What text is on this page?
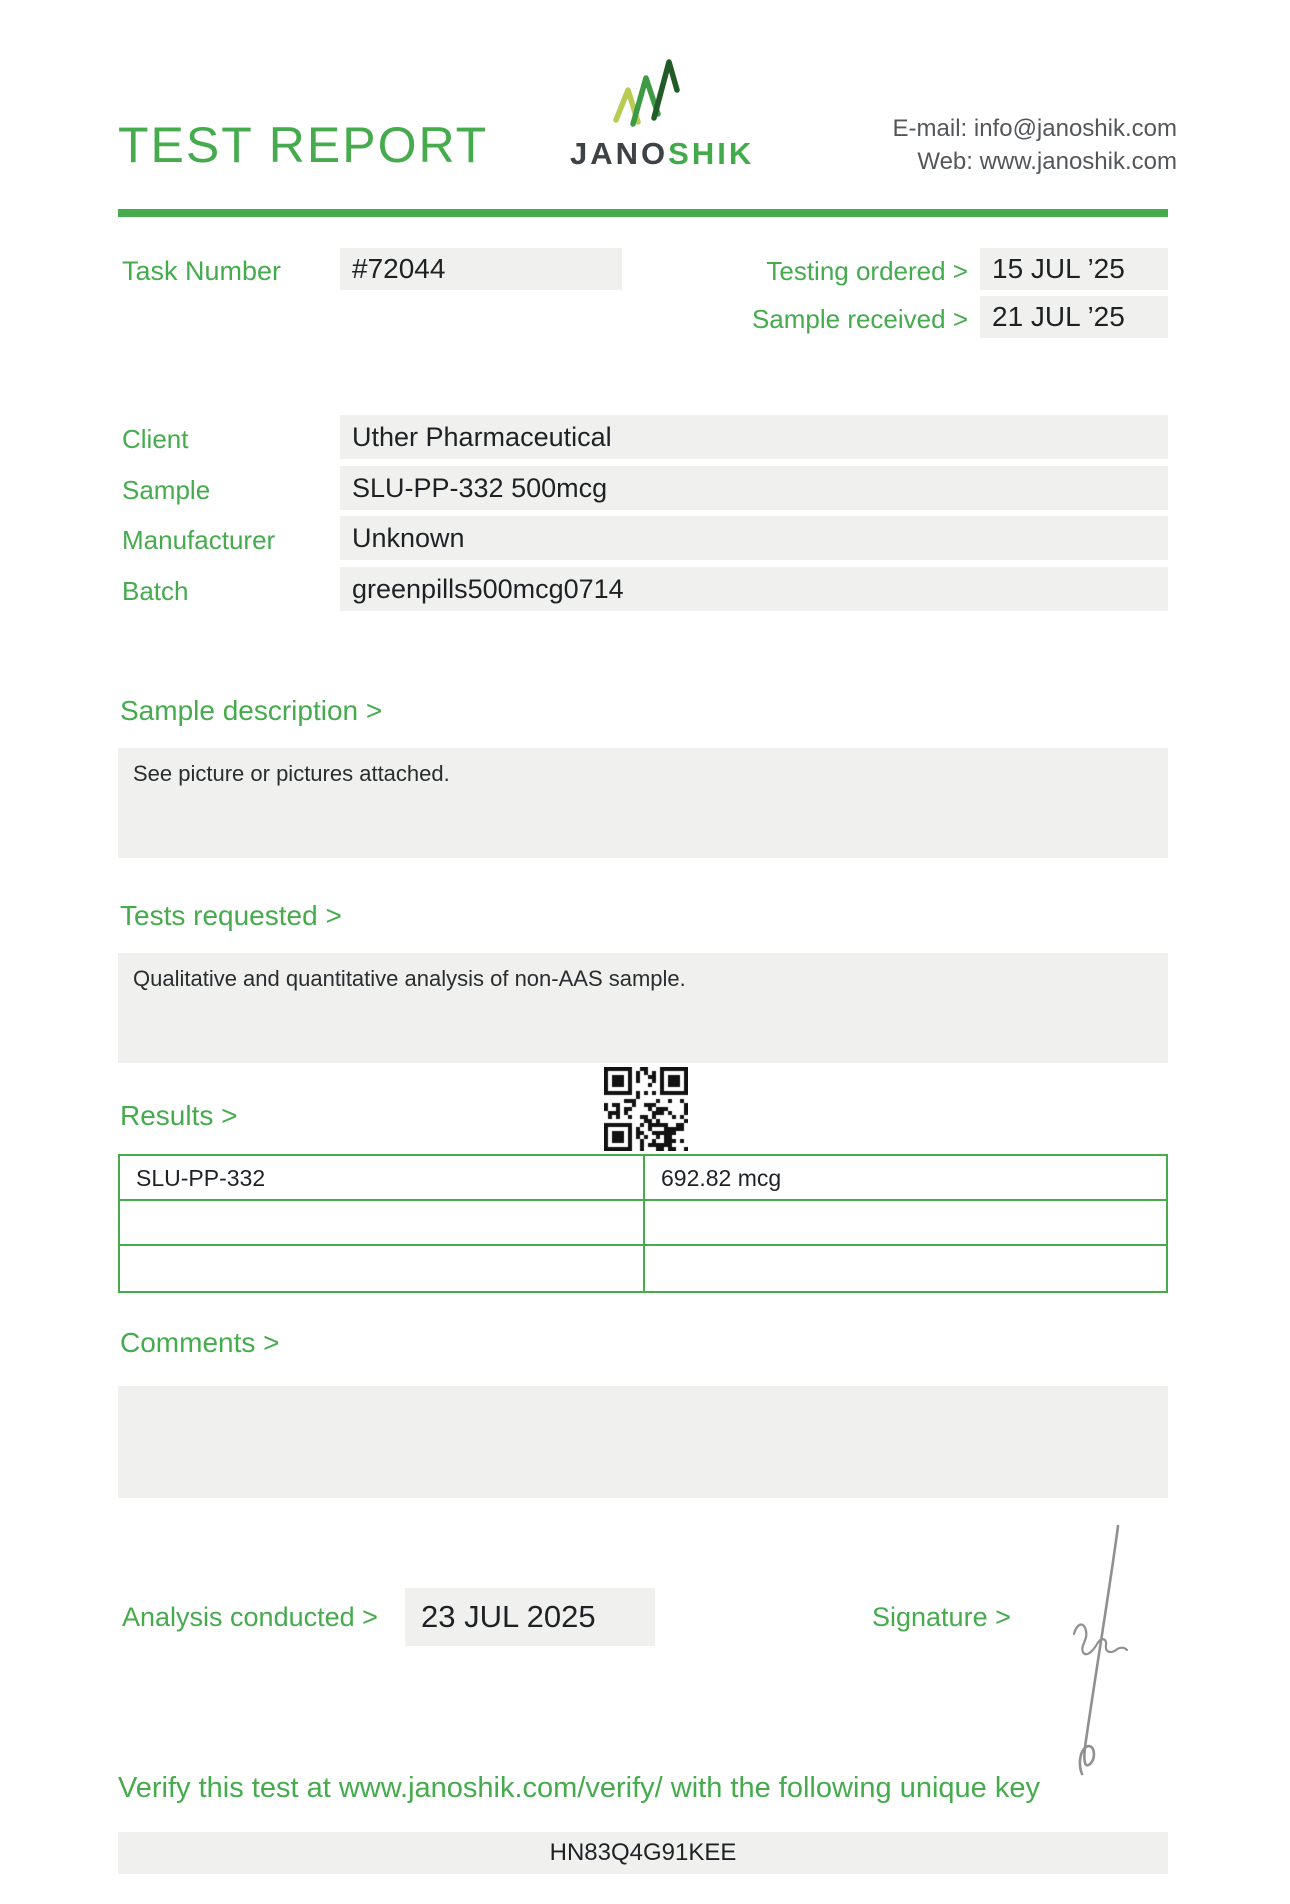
TEST REPORT	JANOSHIK
E-mail: info@janoshik.com
Web: www.janoshik.com
Task Number	#72044	Testing ordered > 15 JUL ’25
Sample received > 21 JUL ’25
Client	Uther Pharmaceutical
Sample	SLU-PP-332 500mcg
Manufacturer	Unknown
Batch	greenpills500mcg0714
Sample description >
See picture or pictures attached.
Tests requested >
Qualitative and quantitative analysis of non-AAS sample.
Results >
SLU-PP-332	692.82 mcg
Comments >
Analysis conducted >	23 JUL 2025	Signature >
Verify this test at www.janoshik.com/verify/ with the following unique key
HN83Q4G91KEE
